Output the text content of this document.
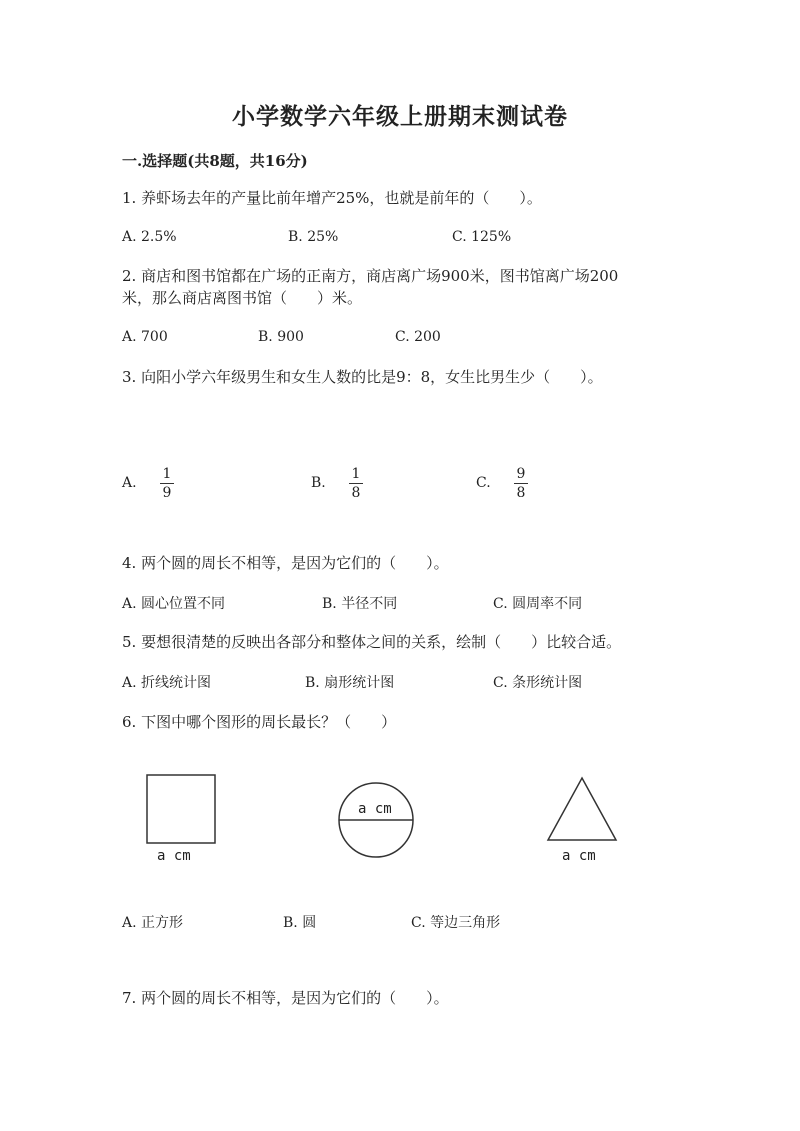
小学数学六年级上册期末测试卷
一.选择题(共8题，共16分)
1. 养虾场去年的产量比前年增产25%，也就是前年的（　　）。
A. 2.5%	B. 25%	C. 125%
2. 商店和图书馆都在广场的正南方，商店离广场900米，图书馆离广场200
米，那么商店离图书馆（　　）米。
A. 700	B. 900	C. 200
3. 向阳小学六年级男生和女生人数的比是9：8，女生比男生少（　　）。
A.
1
9
B.
1
8
C.
9
8
4. 两个圆的周长不相等，是因为它们的（　　）。
A. 圆心位置不同	B. 半径不同	C. 圆周率不同
5. 要想很清楚的反映出各部分和整体之间的关系，绘制（　　）比较合适。
A. 折线统计图	B. 扇形统计图	C. 条形统计图
6. 下图中哪个图形的周长最长？（　　）
a cm
a cm
a cm
A. 正方形	B. 圆	C. 等边三角形
7. 两个圆的周长不相等，是因为它们的（　　）。
